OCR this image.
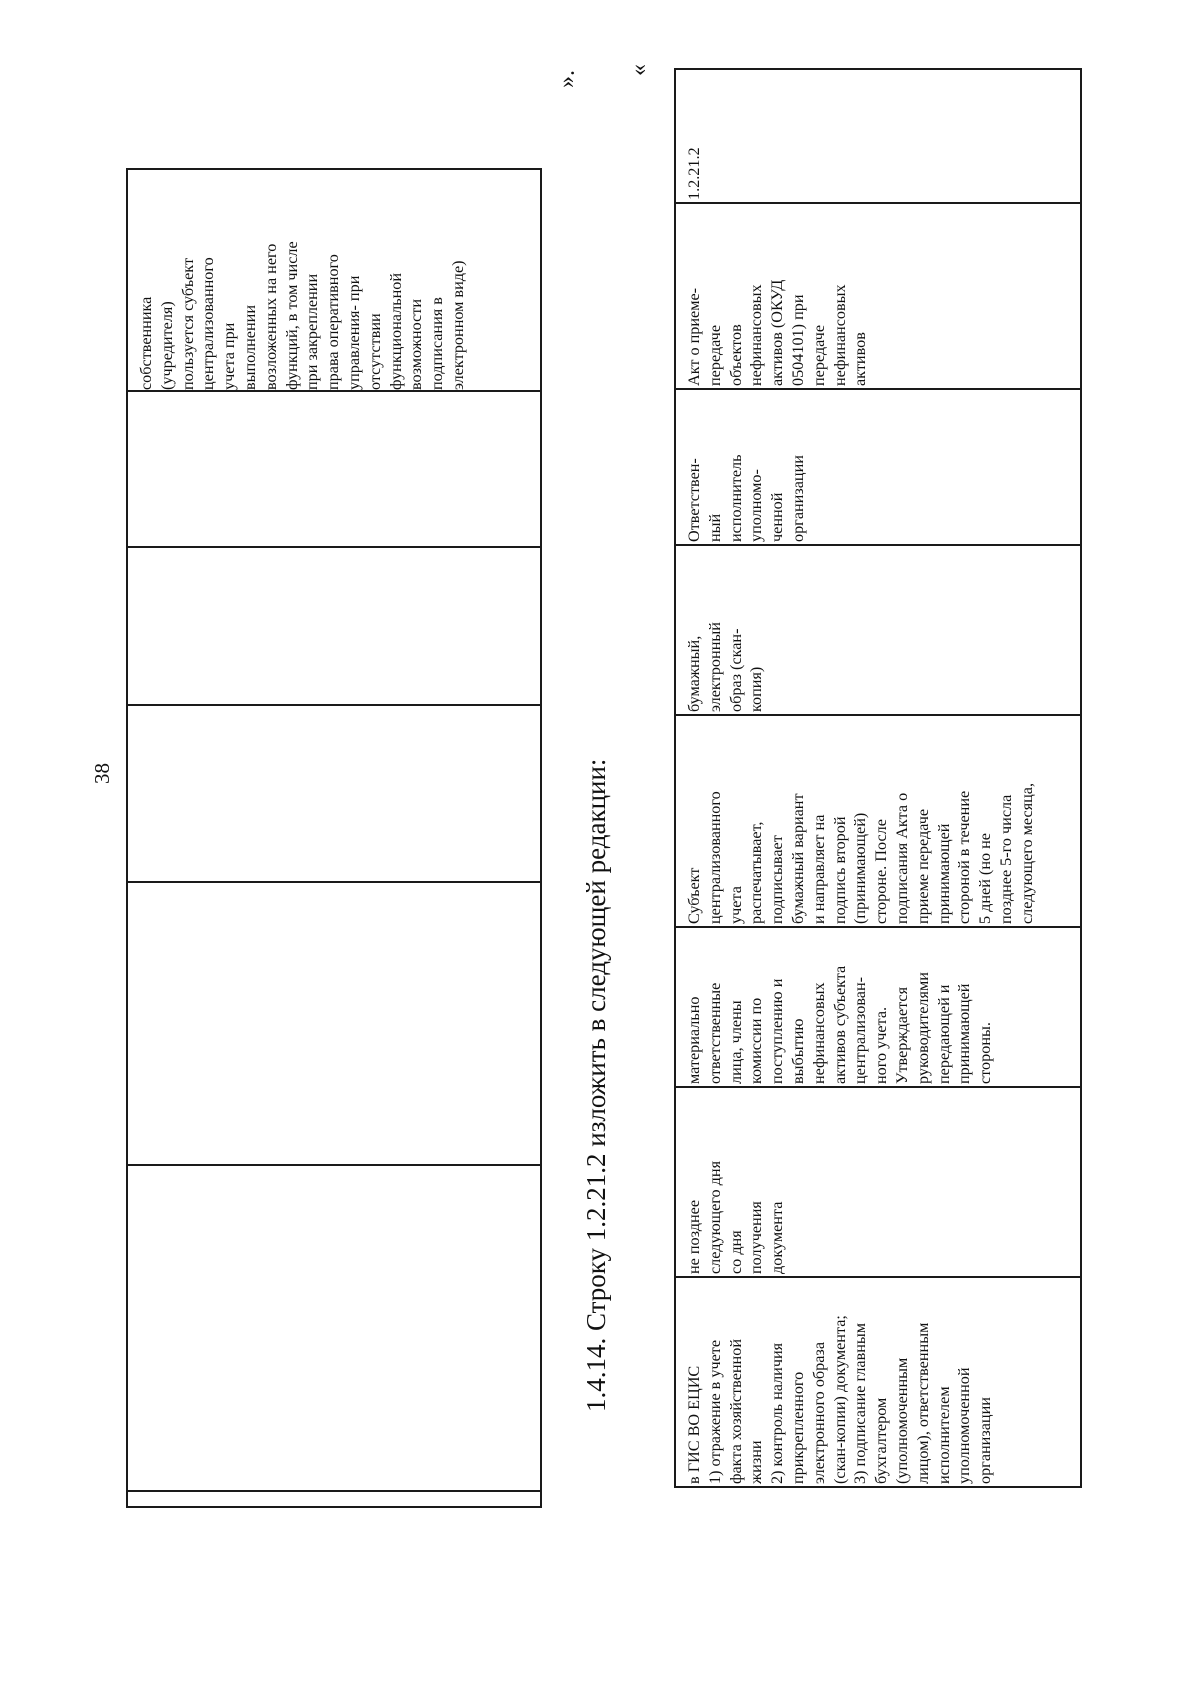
38
собственника
(учредителя)
пользуется субъект
централизованного
учета при
выполнении
возложенных на него
функций, в том числе
при закреплении
права оперативного
управления- при
отсутствии
функциональной
возможности
подписания в
электронном виде)
».
1.4.14. Строку 1.2.21.2 изложить в следующей редакции:
«
1.2.21.2
Акт о приеме-
передаче
объектов
нефинансовых
активов (ОКУД
0504101) при
передаче
нефинансовых
активов
Ответствен-
ный
исполнитель
уполномо-
ченной
организации
бумажный,
электронный
образ (скан-
копия)
Субъект
централизованного
учета
распечатывает,
подписывает
бумажный вариант
и направляет на
подпись второй
(принимающей)
стороне. После
подписания Акта о
приеме передаче
принимающей
стороной в течение
5 дней (но не
позднее 5-го числа
следующего месяца,
материально
ответственные
лица, члены
комиссии по
поступлению и
выбытию
нефинансовых
активов субъекта
централизован-
ного учета.
Утверждается
руководителями
передающей и
принимающей
стороны.
не позднее
следующего дня
со дня
получения
документа
в ГИС ВО ЕЦИС
1) отражение в учете
факта хозяйственной
жизни
2) контроль наличия
прикрепленного
электронного образа
(скан-копии) документа;
3) подписание главным
бухгалтером
(уполномоченным
лицом), ответственным
исполнителем
уполномоченной
организации
